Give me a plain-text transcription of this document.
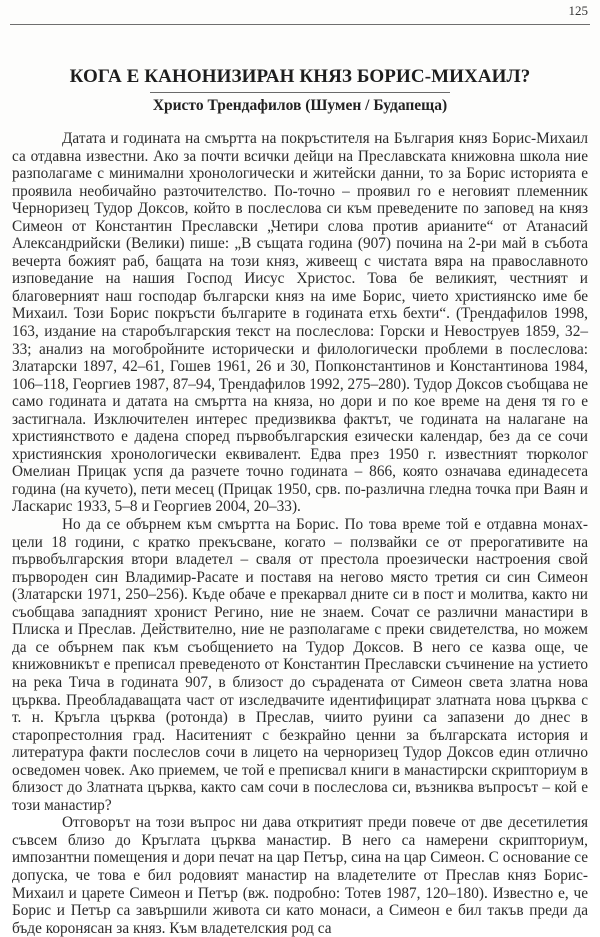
125
КОГА Е КАНОНИЗИРАН КНЯЗ БОРИС-МИХАИЛ?
Христо Трендафилов (Шумен / Будапеща)

Датата и годината на смъртта на покръстителя на България княз Борис-Михаил са отдавна известни. Ако за почти всички дейци на Преславската книжовна школа ние разполагаме с минимални хронологически и житейски данни, то за Борис историята е проявила необичайно разточителство. По-точно – проявил го е неговият племенник Черноризец Тудор Доксов, който в послеслова си към преведените по заповед на княз Симеон от Константин Преславски „Четири слова против арианите“ от Атанасий Александрийски (Велики) пише: „В същата година (907) почина на 2-ри май в събота вечерта божият раб, бащата на този княз, живеещ с чистата вяра на православното изповедание на нашия Господ Иисус Христос. Това бе великият, честният и благоверният наш господар български княз на име Борис, чието християнско име бе Михаил. Този Борис покръсти българите в годината етхь бехти“. (Трендафилов 1998, 163, издание на старобългарския текст на послеслова: Горски и Невоструев 1859, 32–33; анализ на могобройните исторически и филологически проблеми в послеслова: Златарски 1897, 42–61, Гошев 1961, 26 и 30, Попконстантинов и Константинова 1984, 106–118, Георгиев 1987, 87–94, Трендафилов 1992, 275–280). Тудор Доксов съобщава не само годината и датата на смъртта на княза, но дори и по кое време на деня тя го е застигнала. Изключителен интерес предизвиква фактът, че годината на налагане на християнството е дадена според първобългарския езически календар, без да се сочи християнския хронологически еквивалент. Едва през 1950 г. известният тюрколог Омелиан Прицак успя да разчете точно годината – 866, която означава единадесета година (на кучето), пети месец (Прицак 1950, срв. по-различна гледна точка при Ваян и Ласкарис 1933, 5–8 и Георгиев 2004, 20–33).

Но да се обърнем към смъртта на Борис. По това време той е отдавна монах- цели 18 години, с кратко прекъсване, когато – ползвайки се от прерогативите на първобългарския втори владетел – сваля от престола проезически настроения свой първороден син Владимир-Расате и поставя на негово място третия си син Симеон (Златарски 1971, 250–256). Къде обаче е прекарвал дните си в пост и молитва, както ни съобщава западният хронист Регино, ние не знаем. Сочат се различни манастири в Плиска и Преслав. Действително, ние не разполагаме с преки свидетелства, но можем да се обърнем пак към съобщението на Тудор Доксов. В него се казва още, че книжовникът е преписал преведеното от Константин Преславски съчинение на устието на река Тича в годината 907, в близост до сърадената от Симеон света златна нова църква. Преобладаващата част от изследвачите идентифицират златната нова църква с т. н. Кръгла църква (ротонда) в Преслав, чиито руини са запазени до днес в старопрестолния град. Наситеният с безкрайно ценни за българската история и литература факти послеслов сочи в лицето на черноризец Тудор Доксов един отлично осведомен човек. Ако приемем, че той е преписвал книги в манастирски скрипториум в близост до Златната църква, както сам сочи в послеслова си, възниква въпросът – кой е този манастир?

Отговорът на този въпрос ни дава откритият преди повече от две десетилетия съвсем близо до Кръглата църква манастир. В него са намерени скрипториум, импозантни помещения и дори печат на цар Петър, сина на цар Симеон. С основание се допуска, че това е бил родовият манастир на владетелите от Преслав княз Борис-Михаил и царете Симеон и Петър (вж. подробно: Тотев 1987, 120–180). Известно е, че Борис и Петър са завършили живота си като монаси, а Симеон е бил такъв преди да бъде коронясан за княз. Към владетелския род са
